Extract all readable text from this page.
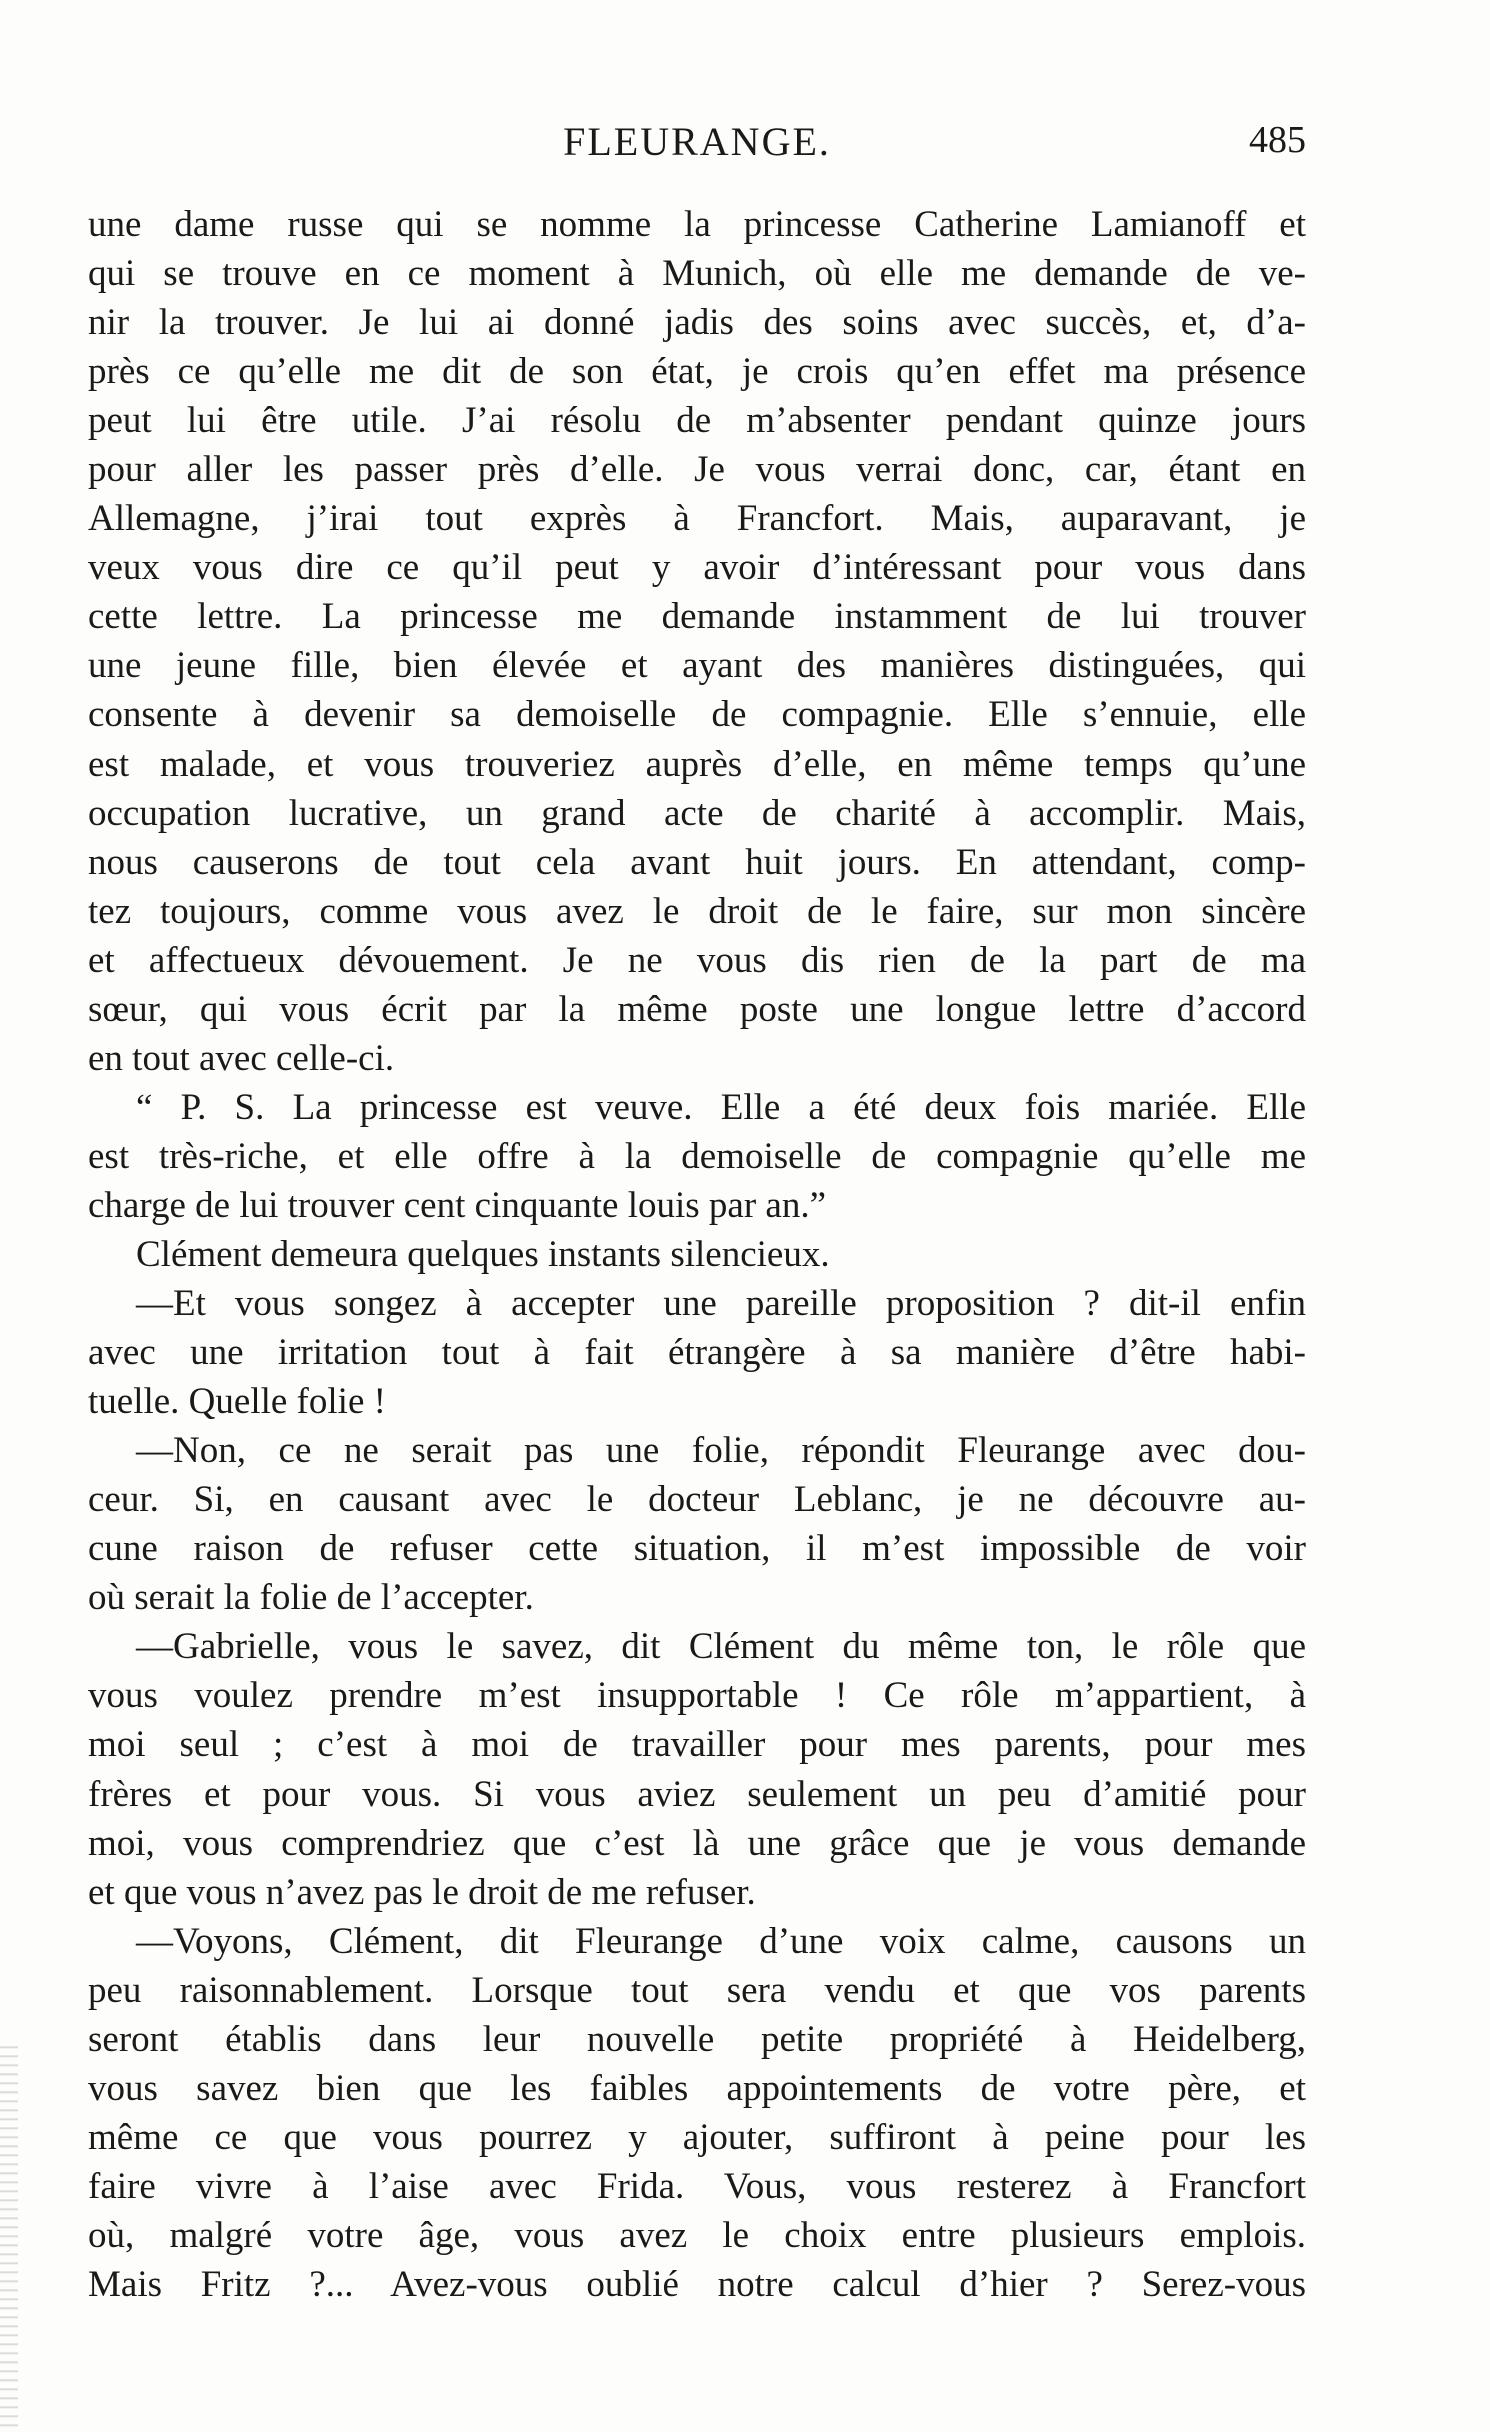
FLEURANGE.	485
une dame russe qui se nomme la princesse Catherine Lamianoff et
qui se trouve en ce moment à Munich, où elle me demande de ve-
nir la trouver. Je lui ai donné jadis des soins avec succès, et, d’a-
près ce qu’elle me dit de son état, je crois qu’en effet ma présence
peut lui être utile. J’ai résolu de m’absenter pendant quinze jours
pour aller les passer près d’elle. Je vous verrai donc, car, étant en
Allemagne, j’irai tout exprès à Francfort. Mais, auparavant, je
veux vous dire ce qu’il peut y avoir d’intéressant pour vous dans
cette lettre. La princesse me demande instamment de lui trouver
une jeune fille, bien élevée et ayant des manières distinguées, qui
consente à devenir sa demoiselle de compagnie. Elle s’ennuie, elle
est malade, et vous trouveriez auprès d’elle, en même temps qu’une
occupation lucrative, un grand acte de charité à accomplir. Mais,
nous causerons de tout cela avant huit jours. En attendant, comp-
tez toujours, comme vous avez le droit de le faire, sur mon sincère
et affectueux dévouement. Je ne vous dis rien de la part de ma
sœur, qui vous écrit par la même poste une longue lettre d’accord
en tout avec celle-ci.
“ P. S. La princesse est veuve. Elle a été deux fois mariée. Elle
est très-riche, et elle offre à la demoiselle de compagnie qu’elle me
charge de lui trouver cent cinquante louis par an.”
Clément demeura quelques instants silencieux.
—Et vous songez à accepter une pareille proposition ? dit-il enfin
avec une irritation tout à fait étrangère à sa manière d’être habi-
tuelle. Quelle folie !
—Non, ce ne serait pas une folie, répondit Fleurange avec dou-
ceur. Si, en causant avec le docteur Leblanc, je ne découvre au-
cune raison de refuser cette situation, il m’est impossible de voir
où serait la folie de l’accepter.
—Gabrielle, vous le savez, dit Clément du même ton, le rôle que
vous voulez prendre m’est insupportable ! Ce rôle m’appartient, à
moi seul ; c’est à moi de travailler pour mes parents, pour mes
frères et pour vous. Si vous aviez seulement un peu d’amitié pour
moi, vous comprendriez que c’est là une grâce que je vous demande
et que vous n’avez pas le droit de me refuser.
—Voyons, Clément, dit Fleurange d’une voix calme, causons un
peu raisonnablement. Lorsque tout sera vendu et que vos parents
seront établis dans leur nouvelle petite propriété à Heidelberg,
vous savez bien que les faibles appointements de votre père, et
même ce que vous pourrez y ajouter, suffiront à peine pour les
faire vivre à l’aise avec Frida. Vous, vous resterez à Francfort
où, malgré votre âge, vous avez le choix entre plusieurs emplois.
Mais Fritz ?... Avez-vous oublié notre calcul d’hier ? Serez-vous
